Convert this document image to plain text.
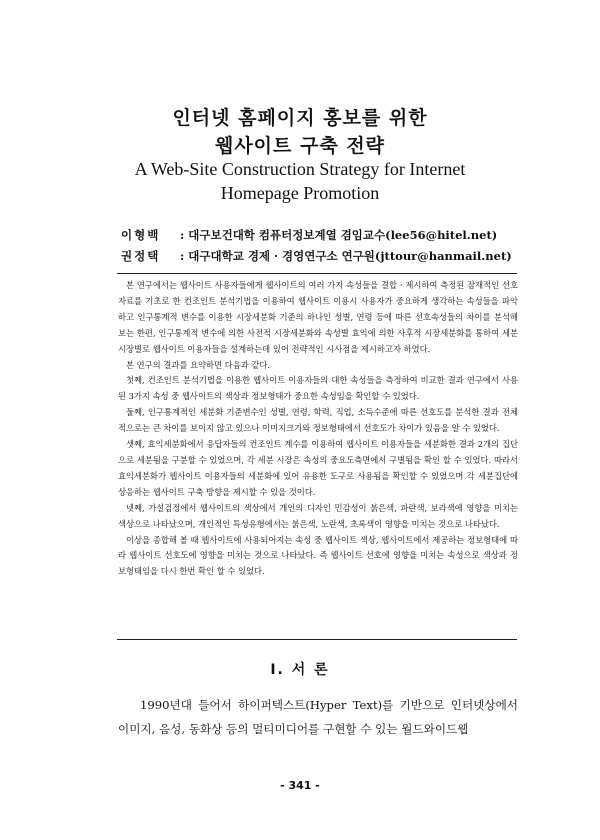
인터넷 홈페이지 홍보를 위한
웹사이트 구축 전략
A Web-Site Construction Strategy for Internet
Homepage Promotion
이형백 : 대구보건대학 컴퓨터정보계열 겸임교수(lee56@hitel.net)
권정택 : 대구대학교 경제 · 경영연구소 연구원(jttour@hanmail.net)

본 연구에서는 웹사이트 사용자들에게 웹사이트의 여러 가지 속성들을 결합 · 제시하여 측정된 잠재적인 선호자료를 기초로 한 컨조인트 분석기법을 이용하여 웹사이트 이용시 사용자가 중요하게 생각하는 속성들을 파악하고 인구통계적 변수를 이용한 시장세분화 기준의 하나인 성별, 연령 등에 따른 선호속성들의 차이를 분석해 보는 한편, 인구통계적 변수에 의한 사전적 시장세분화와 속성별 효익에 의한 사후적 시장세분화를 통하여 세분시장별로 웹사이트 이용자들을 설계하는데 있어 전략적인 시사점을 제시하고자 하였다.

본 연구의 결과를 요약하면 다음과 같다.

첫째, 컨조인트 분석기법을 이용한 웹사이트 이용자들의 대한 속성들을 측정하여 비교한 결과 연구에서 사용된 3가지 속성 중 웹사이트의 색상과 정보형태가 중요한 속성임을 확인할 수 있었다.

둘째, 인구통계적인 세분화 기준변수인 성별, 연령, 학력, 직업, 소득수준에 따른 선호도를 분석한 결과 전체적으로는 큰 차이를 보이지 않고 있으나 이미지크기와 정보형태에서 선호도가 차이가 있음을 알 수 있었다.

셋째, 효익세분화에서 응답자들의 컨조인트 계수를 이용하여 웹사이트 이용자들을 세분화한 결과 2개의 집단으로 세분됨을 구분할 수 있었으며, 각 세분 시장은 속성의 중요도측면에서 구별됨을 확인 할 수 있었다. 따라서 효익세분화가 웹사이트 이용자들의 세분화에 있어 유용한 도구로 사용됨을 확인할 수 있었으며 각 세분집단에 상응하는 웹사이트 구축 방향을 제시할 수 있을 것이다.

넷째, 가설검정에서 웹사이트의 색상에서 개인의 디자인 민감성이 붉은색, 파란색, 보라색에 영향을 미치는 색상으로 나타났으며, 개인적인 특성유형에서는 붉은색, 노란색, 초록색이 영향을 미치는 것으로 나타났다.

이상을 종합해 볼 때 웹사이트에 사용되어지는 속성 중 웹사이트 색상, 웹사이트에서 제공하는 정보형태에 따라 웹사이트 선호도에 영향을 미치는 것으로 나타났다. 즉 웹사이트 선호에 영향을 미치는 속성으로 색상과 정보형태임을 다시 한번 확인 할 수 있었다.

I. 서 론

1990년대 들어서 하이퍼텍스트(Hyper Text)를 기반으로 인터넷상에서 이미지, 음성, 동화상 등의 멀티미디어를 구현할 수 있는 월드와이드웹

- 341 -
